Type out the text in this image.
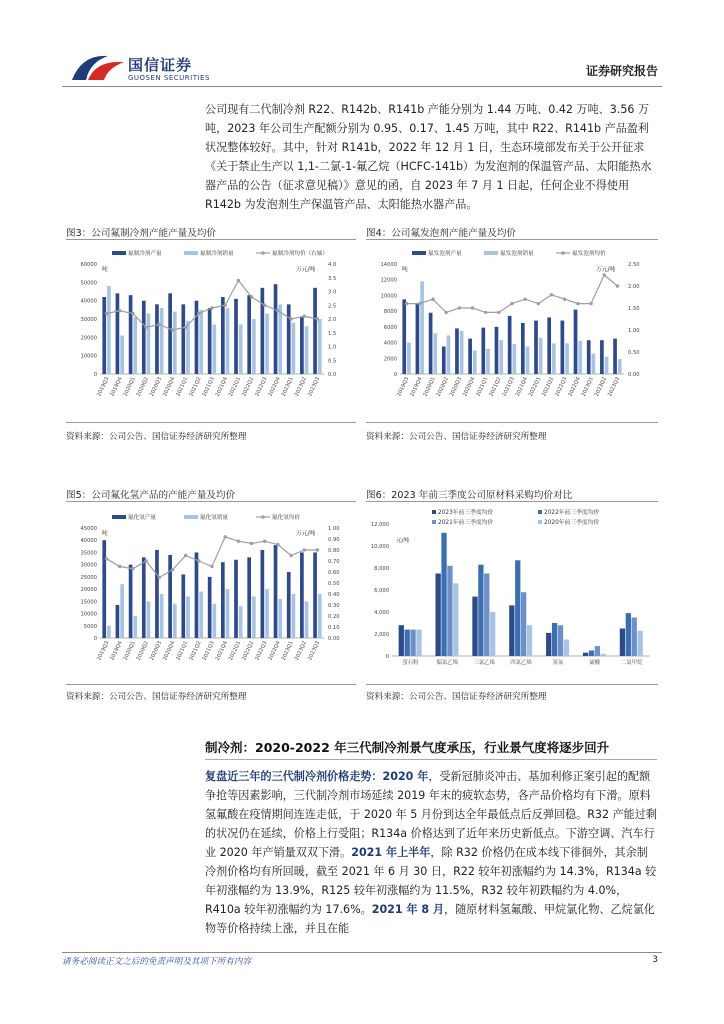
国信证券
GUOSEN SECURITIES	证券研究报告
公司现有二代制冷剂 R22、R142b、R141b 产能分别为 1.44 万吨、0.42 万吨、3.56 万吨，2023 年公司生产配额分别为 0.95、0.17、1.45 万吨，其中 R22、R141b 产品盈利状况整体较好。其中，针对 R141b，2022 年 12 月 1 日，生态环境部发布关于公开征求《关于禁止生产以 1,1-二氯-1-氟乙烷（HCFC-141b）为发泡剂的保温管产品、太阳能热水器产品的公告（征求意见稿）》意见的函，自 2023 年 7 月 1 日起，任何企业不得使用 R142b 为发泡剂生产保温管产品、太阳能热水器产品。
图3：公司氟制冷剂产能产量及均价	图4：公司氟发泡剂产能产量及均价
氟制冷剂产量	氟制冷剂销量	氟制冷剂均价（右轴）
吨	万元/吨
0
10000
20000
30000
40000
50000
60000
0.0
0.5
1.0
1.5
2.0
2.5
3.0
3.5
4.0
2019Q3 2019Q4 2020Q1 2020Q2 2020Q3 2020Q4 2021Q1 2021Q2 2021Q3 2021Q4 2022Q1 2022Q2 2022Q3 2022Q4 2023Q1 2023Q2 2023Q3
氟发泡剂产量	氟发泡剂销量	氟发泡剂均价
吨	万元/吨
0
2000
4000
6000
8000
10000
12000
14000
0.00
0.50
1.00
1.50
2.00
2.50
2019Q3 2019Q4 2020Q1 2020Q2 2020Q3 2020Q4 2021Q1 2021Q2 2021Q3 2021Q4 2022Q1 2022Q2 2022Q3 2022Q4 2023Q1 2023Q2 2023Q3
资料来源：公司公告、国信证券经济研究所整理	资料来源：公司公告、国信证券经济研究所整理
图5：公司氟化氢产品的产能产量及均价	图6：2023 年前三季度公司原材料采购均价对比
氟化氢产量	氟化氢销量	氟化氢均价
吨	万元/吨
0
5000
10000
15000
20000
25000
30000
35000
40000
45000
0.00
0.10
0.20
0.30
0.40
0.50
0.60
0.70
0.80
0.90
1.00
2019Q3 2019Q4 2020Q1 2020Q2 2020Q3 2020Q4 2021Q1 2021Q2 2021Q3 2021Q4 2022Q1 2022Q2 2022Q3 2022Q4 2023Q1 2023Q2 2023Q3
2023年前三季度均价	2022年前三季度均价
2021年前三季度均价	2020年前三季度均价
元/吨
0
2,000
4,000
6,000
8,000
10,000
12,000
萤石粉	偏氯乙烯	三氯乙烯	四氯乙烯	氢氧	硫酸	二氯甲烷
资料来源：公司公告、国信证券经济研究所整理	资料来源：公司公告、国信证券经济研究所整理
制冷剂：2020-2022 年三代制冷剂景气度承压，行业景气度将逐步回升
复盘近三年的三代制冷剂价格走势：2020 年，受新冠肺炎冲击、基加利修正案引起的配额争抢等因素影响，三代制冷剂市场延续 2019 年末的疲软态势，各产品价格均有下滑。原料氢氟酸在疫情期间连连走低，于 2020 年 5 月份到达全年最低点后反弹回稳。R32 产能过剩的状况仍在延续，价格上行受阻；R134a 价格达到了近年来历史新低点。下游空调、汽车行业 2020 年产销量双双下滑。2021 年上半年，除 R32 价格仍在成本线下徘徊外，其余制冷剂价格均有所回暖，截至 2021 年 6 月 30 日，R22 较年初涨幅约为 14.3%，R134a 较年初涨幅约为 13.9%，R125 较年初涨幅约为 11.5%，R32 较年初跌幅约为 4.0%，R410a 较年初涨幅约为 17.6%。2021 年 8 月，随原材料氢氟酸、甲烷氯化物、乙烷氯化物等价格持续上涨，并且在能
请务必阅读正文之后的免责声明及其项下所有内容	3
